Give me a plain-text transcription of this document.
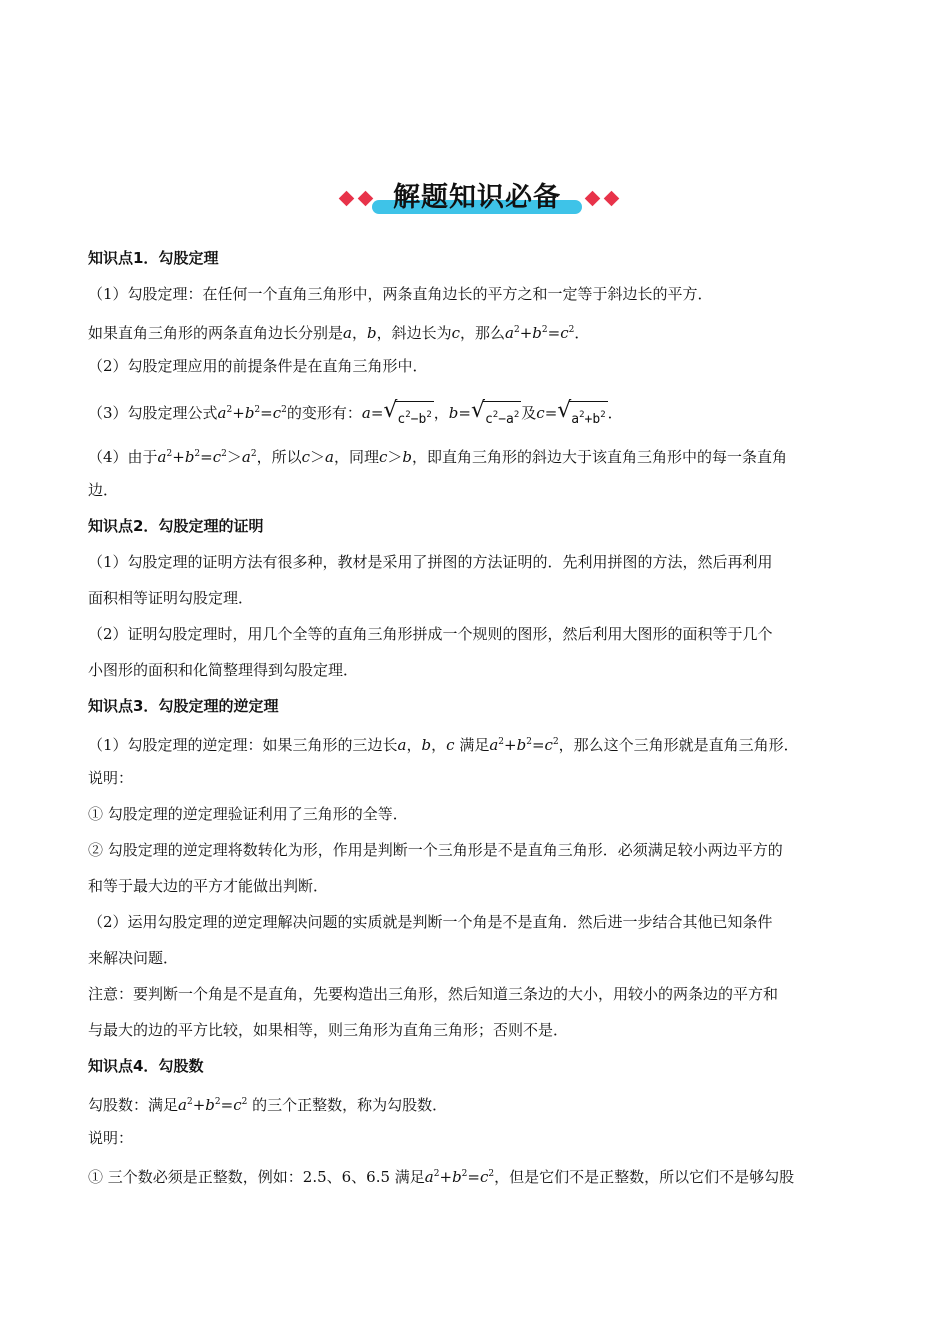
解题知识必备
知识点1．勾股定理
（1）勾股定理：在任何一个直角三角形中，两条直角边长的平方之和一定等于斜边长的平方．
如果直角三角形的两条直角边长分别是a，b，斜边长为c，那么$a^2+b^2=c^2$．
（2）勾股定理应用的前提条件是在直角三角形中．
（3）勾股定理公式$a^2+b^2=c^2$的变形有：a= √ $c^2-b^2$ ，b= √ $c^2-a^2$ 及c= √ $a^2+b^2$ ．
（4）由于$a^2+b^2=c^2>a^2$，所以c＞a，同理c＞b，即直角三角形的斜边大于该直角三角形中的每一条直角
边．
知识点2．勾股定理的证明
（1）勾股定理的证明方法有很多种，教材是采用了拼图的方法证明的．先利用拼图的方法，然后再利用
面积相等证明勾股定理．
（2）证明勾股定理时，用几个全等的直角三角形拼成一个规则的图形，然后利用大图形的面积等于几个
小图形的面积和化简整理得到勾股定理．
知识点3．勾股定理的逆定理
（1）勾股定理的逆定理：如果三角形的三边长a，b，c 满足$a^2+b^2=c^2$，那么这个三角形就是直角三角形．
说明：
① 勾股定理的逆定理验证利用了三角形的全等．
② 勾股定理的逆定理将数转化为形，作用是判断一个三角形是不是直角三角形．必须满足较小两边平方的
和等于最大边的平方才能做出判断．
（2）运用勾股定理的逆定理解决问题的实质就是判断一个角是不是直角．然后进一步结合其他已知条件
来解决问题．
注意：要判断一个角是不是直角，先要构造出三角形，然后知道三条边的大小，用较小的两条边的平方和
与最大的边的平方比较，如果相等，则三角形为直角三角形；否则不是．
知识点4．勾股数
勾股数：满足$a^2+b^2=c^2$ 的三个正整数，称为勾股数．
说明：
① 三个数必须是正整数，例如：2.5、6、6.5 满足$a^2+b^2=c^2$，但是它们不是正整数，所以它们不是够勾股
